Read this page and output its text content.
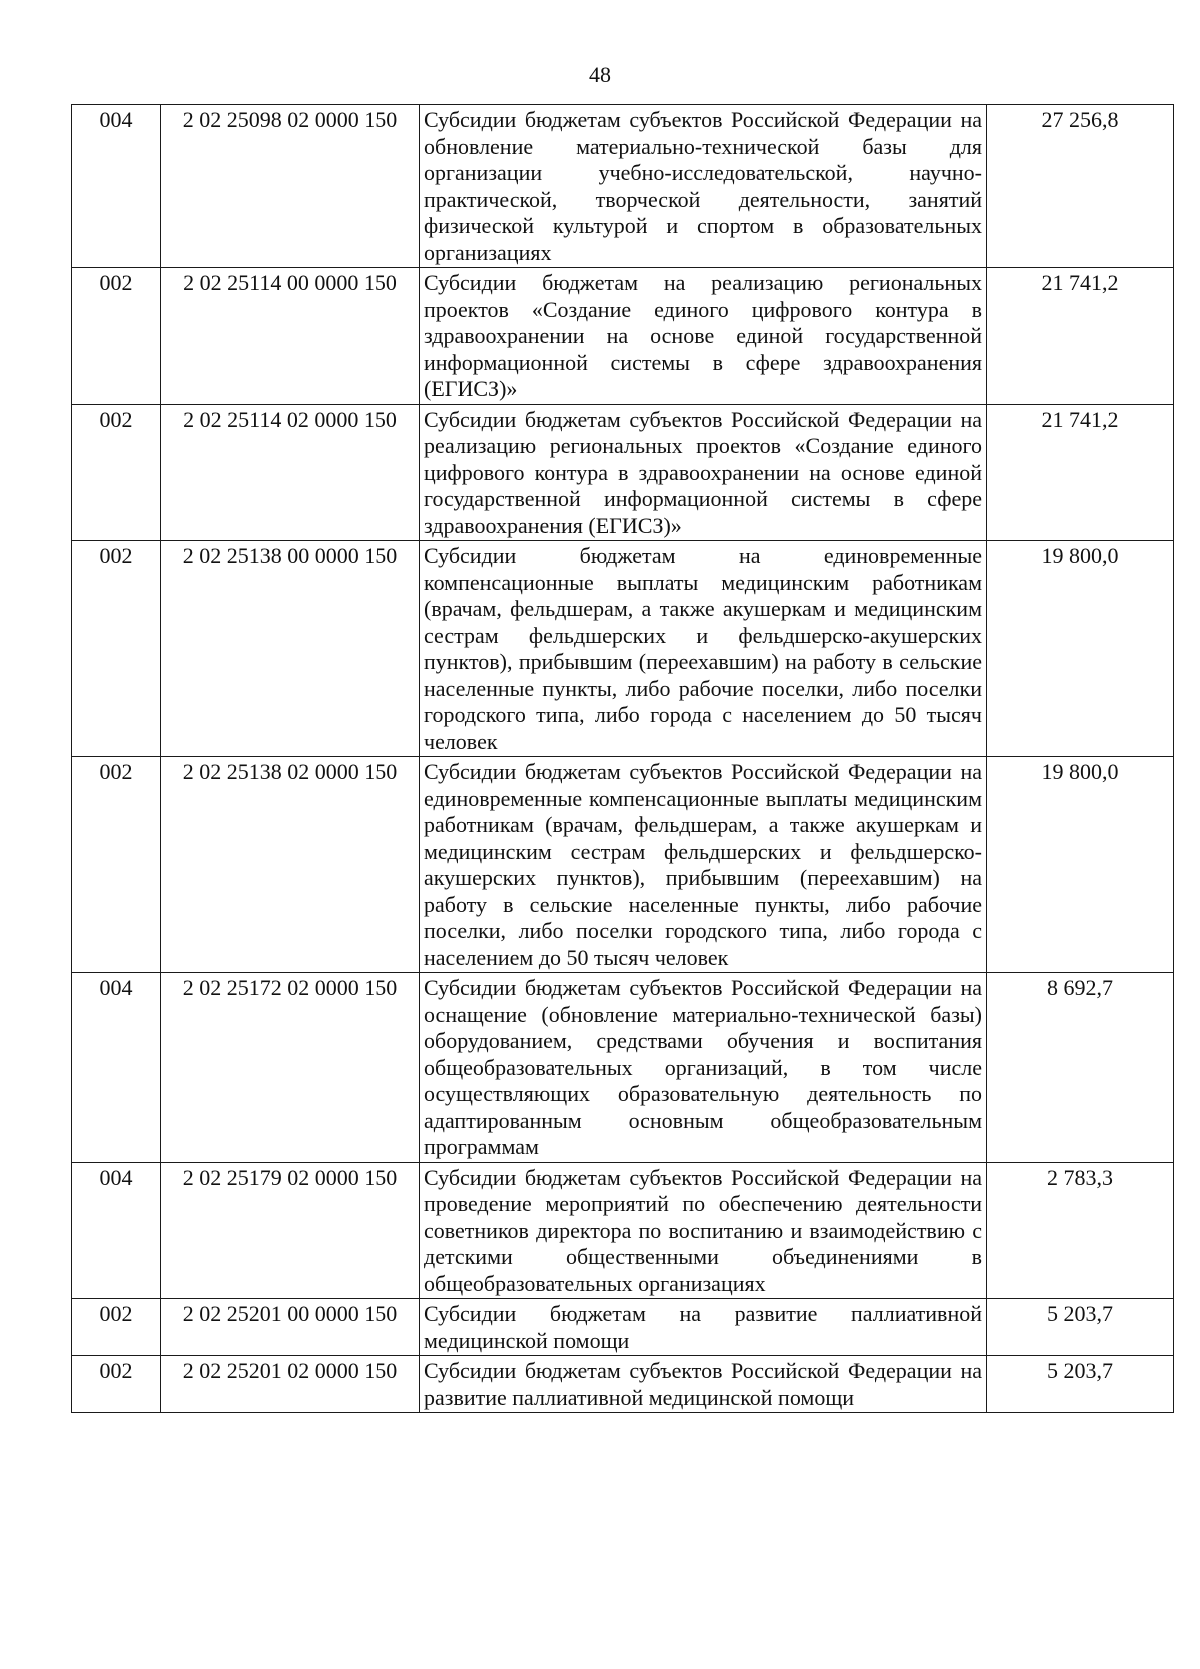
48
004	2 02 25098 02 0000 150	Субсидии бюджетам субъектов Российской Федерации на обновление материально-технической базы для организации учебно-исследовательской, научно-практической, творческой деятельности, занятий физической культурой и спортом в образовательных организациях	27 256,8
002	2 02 25114 00 0000 150	Субсидии бюджетам на реализацию региональных проектов «Создание единого цифрового контура в здравоохранении на основе единой государственной информационной системы в сфере здравоохранения (ЕГИСЗ)»	21 741,2
002	2 02 25114 02 0000 150	Субсидии бюджетам субъектов Российской Федерации на реализацию региональных проектов «Создание единого цифрового контура в здравоохранении на основе единой государственной информационной системы в сфере здравоохранения (ЕГИСЗ)»	21 741,2
002	2 02 25138 00 0000 150	Субсидии бюджетам на единовременные компенсационные выплаты медицинским работникам (врачам, фельдшерам, а также акушеркам и медицинским сестрам фельдшерских и фельдшерско-акушерских пунктов), прибывшим (переехавшим) на работу в сельские населенные пункты, либо рабочие поселки, либо поселки городского типа, либо города с населением до 50 тысяч человек	19 800,0
002	2 02 25138 02 0000 150	Субсидии бюджетам субъектов Российской Федерации на единовременные компенсационные выплаты медицинским работникам (врачам, фельдшерам, а также акушеркам и медицинским сестрам фельдшерских и фельдшерско-акушерских пунктов), прибывшим (переехавшим) на работу в сельские населенные пункты, либо рабочие поселки, либо поселки городского типа, либо города с населением до 50 тысяч человек	19 800,0
004	2 02 25172 02 0000 150	Субсидии бюджетам субъектов Российской Федерации на оснащение (обновление материально-технической базы) оборудованием, средствами обучения и воспитания общеобразовательных организаций, в том числе осуществляющих образовательную деятельность по адаптированным основным общеобразовательным программам	8 692,7
004	2 02 25179 02 0000 150	Субсидии бюджетам субъектов Российской Федерации на проведение мероприятий по обеспечению деятельности советников директора по воспитанию и взаимодействию с детскими общественными объединениями в общеобразовательных организациях	2 783,3
002	2 02 25201 00 0000 150	Субсидии бюджетам на развитие паллиативной медицинской помощи	5 203,7
002	2 02 25201 02 0000 150	Субсидии бюджетам субъектов Российской Федерации на развитие паллиативной медицинской помощи	5 203,7
